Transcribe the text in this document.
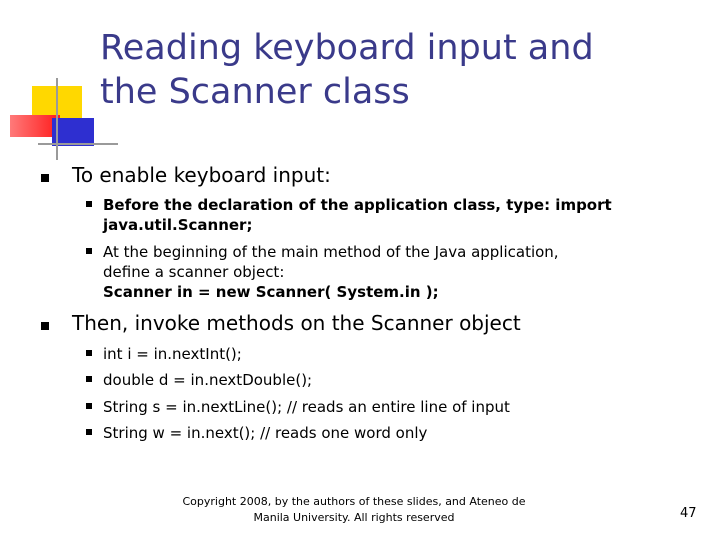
Reading keyboard input and
the Scanner class
To enable keyboard input:
Before the declaration of the application class, type: import
java.util.Scanner;
At the beginning of the main method of the Java application,
define a scanner object:
Scanner in = new Scanner( System.in );
Then, invoke methods on the Scanner object
int i = in.nextInt();
double d = in.nextDouble();
String s = in.nextLine(); // reads an entire line of input
String w = in.next(); // reads one word only
Copyright 2008, by the authors of these slides, and Ateneo de
Manila University. All rights reserved	47
